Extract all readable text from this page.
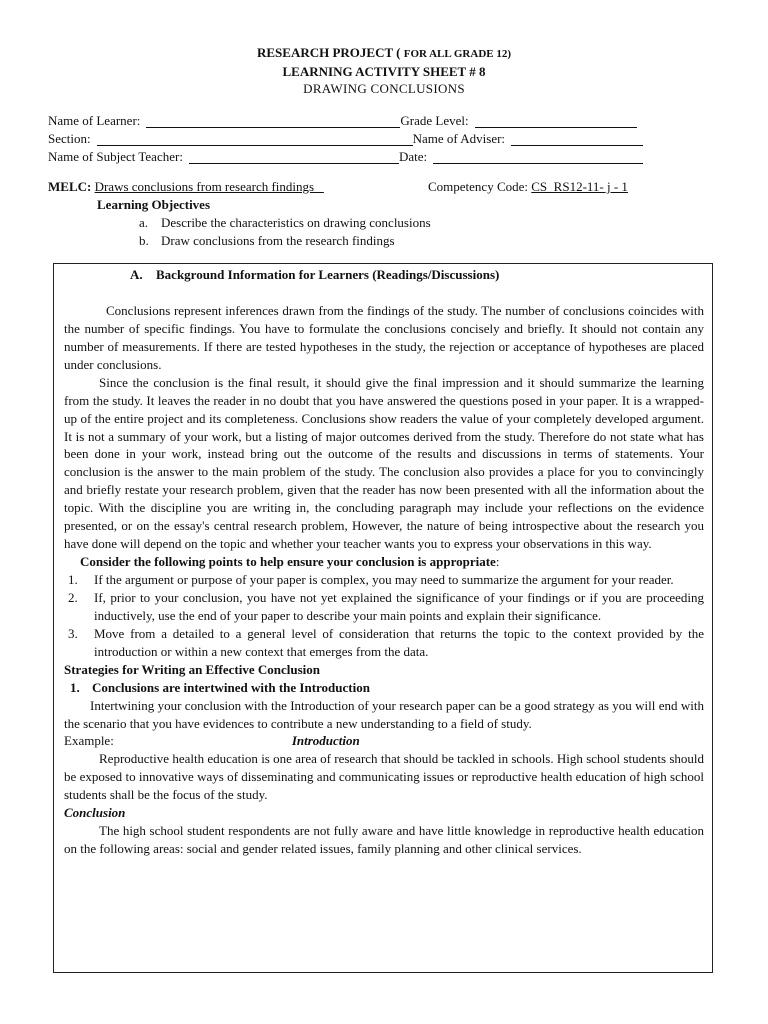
RESEARCH PROJECT ( FOR ALL GRADE 12)
LEARNING ACTIVITY SHEET # 8
DRAWING CONCLUSIONS
Name of Learner:	Grade Level:
Section:	Name of Adviser:
Name of Subject Teacher:	Date:
MELC: Draws conclusions from research findings	Competency Code: CS_RS12-11- j - 1
Learning Objectives
a. Describe the characteristics on drawing conclusions
b. Draw conclusions from the research findings
A.	Background Information for Learners (Readings/Discussions)

Conclusions represent inferences drawn from the findings of the study. The number of conclusions coincides with the number of specific findings. You have to formulate the conclusions concisely and briefly. It should not contain any number of measurements. If there are tested hypotheses in the study, the rejection or acceptance of hypotheses are placed under conclusions.

Since the conclusion is the final result, it should give the final impression and it should summarize the learning from the study. It leaves the reader in no doubt that you have answered the questions posed in your paper. It is a wrapped-up of the entire project and its completeness. Conclusions show readers the value of your completely developed argument. It is not a summary of your work, but a listing of major outcomes derived from the study. Therefore do not state what has been done in your work, instead bring out the outcome of the results and discussions in terms of statements. Your conclusion is the answer to the main problem of the study. The conclusion also provides a place for you to convincingly and briefly restate your research problem, given that the reader has now been presented with all the information about the topic. With the discipline you are writing in, the concluding paragraph may include your reflections on the evidence presented, or on the essay's central research problem, However, the nature of being introspective about the research you have done will depend on the topic and whether your teacher wants you to express your observations in this way.

Consider the following points to help ensure your conclusion is appropriate:

1.	If the argument or purpose of your paper is complex, you may need to summarize the argument for your reader.
2.	If, prior to your conclusion, you have not yet explained the significance of your findings or if you are proceeding inductively, use the end of your paper to describe your main points and explain their significance.
3.	Move from a detailed to a general level of consideration that returns the topic to the context provided by the introduction or within a new context that emerges from the data.

Strategies for Writing an Effective Conclusion

1. Conclusions are intertwined with the Introduction

Intertwining your conclusion with the Introduction of your research paper can be a good strategy as you will end with the scenario that you have evidences to contribute a new understanding to a field of study.

Example:	Introduction

Reproductive health education is one area of research that should be tackled in schools. High school students should be exposed to innovative ways of disseminating and communicating issues or reproductive health education of high school students shall be the focus of the study.

Conclusion

The high school student respondents are not fully aware and have little knowledge in reproductive health education on the following areas: social and gender related issues, family planning and other clinical services.
